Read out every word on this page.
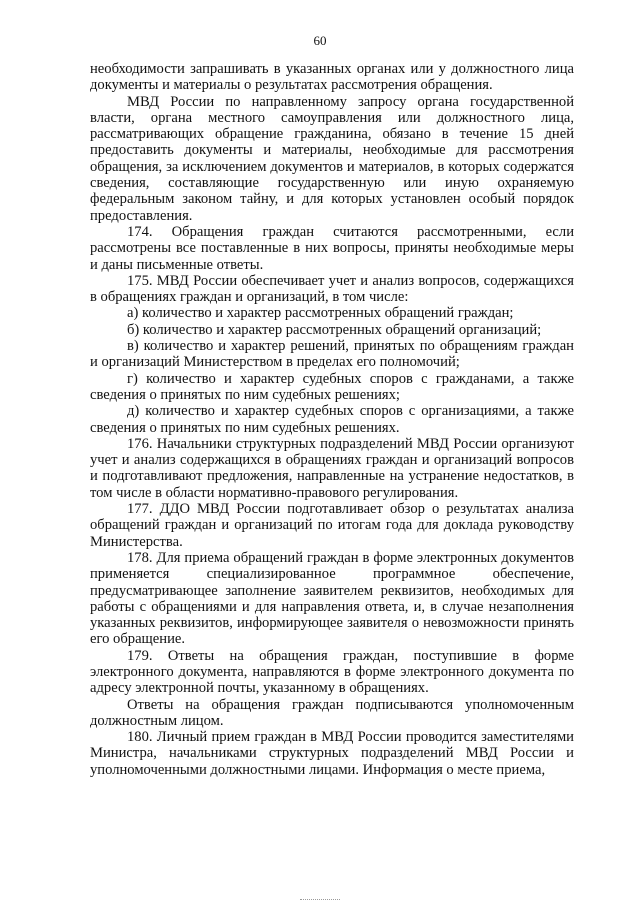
60

необходимости запрашивать в указанных органах или у должностного лица документы и материалы о результатах рассмотрения обращения.

МВД России по направленному запросу органа государственной власти, органа местного самоуправления или должностного лица, рассматривающих обращение гражданина, обязано в течение 15 дней предоставить документы и материалы, необходимые для рассмотрения обращения, за исключением документов и материалов, в которых содержатся сведения, составляющие государственную или иную охраняемую федеральным законом тайну, и для которых установлен особый порядок предоставления.

174. Обращения граждан считаются рассмотренными, если рассмотрены все поставленные в них вопросы, приняты необходимые меры и даны письменные ответы.

175. МВД России обеспечивает учет и анализ вопросов, содержащихся в обращениях граждан и организаций, в том числе:

а) количество и характер рассмотренных обращений граждан;

б) количество и характер рассмотренных обращений организаций;

в) количество и характер решений, принятых по обращениям граждан и организаций Министерством в пределах его полномочий;

г) количество и характер судебных споров с гражданами, а также сведения о принятых по ним судебных решениях;

д) количество и характер судебных споров с организациями, а также сведения о принятых по ним судебных решениях.

176. Начальники структурных подразделений МВД России организуют учет и анализ содержащихся в обращениях граждан и организаций вопросов и подготавливают предложения, направленные на устранение недостатков, в том числе в области нормативно-правового регулирования.

177. ДДО МВД России подготавливает обзор о результатах анализа обращений граждан и организаций по итогам года для доклада руководству Министерства.

178. Для приема обращений граждан в форме электронных документов применяется специализированное программное обеспечение, предусматривающее заполнение заявителем реквизитов, необходимых для работы с обращениями и для направления ответа, и, в случае незаполнения указанных реквизитов, информирующее заявителя о невозможности принять его обращение.

179. Ответы на обращения граждан, поступившие в форме электронного документа, направляются в форме электронного документа по адресу электронной почты, указанному в обращениях.

Ответы на обращения граждан подписываются уполномоченным должностным лицом.

180. Личный прием граждан в МВД России проводится заместителями Министра, начальниками структурных подразделений МВД России и уполномоченными должностными лицами. Информация о месте приема,
